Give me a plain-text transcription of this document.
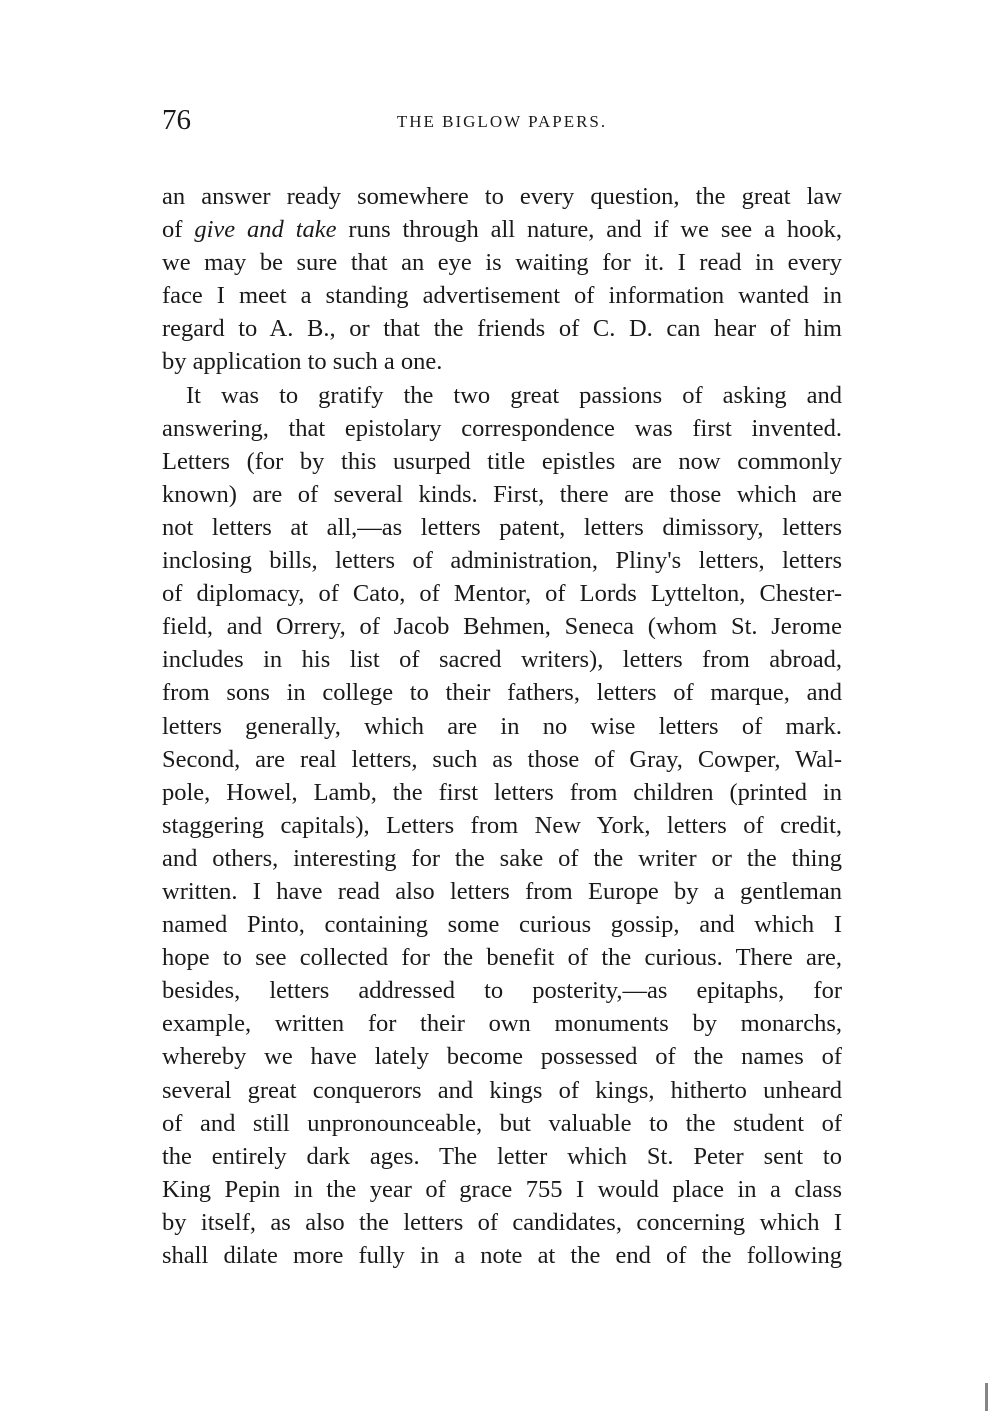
76	THE BIGLOW PAPERS.
an answer ready somewhere to every question, the great law
of give and take runs through all nature, and if we see a hook,
we may be sure that an eye is waiting for it. I read in every
face I meet a standing advertisement of information wanted in
regard to A. B., or that the friends of C. D. can hear of him
by application to such a one.
It was to gratify the two great passions of asking and
answering, that epistolary correspondence was first invented.
Letters (for by this usurped title epistles are now commonly
known) are of several kinds. First, there are those which are
not letters at all,—as letters patent, letters dimissory, letters
inclosing bills, letters of administration, Pliny's letters, letters
of diplomacy, of Cato, of Mentor, of Lords Lyttelton, Chester-
field, and Orrery, of Jacob Behmen, Seneca (whom St. Jerome
includes in his list of sacred writers), letters from abroad,
from sons in college to their fathers, letters of marque, and
letters generally, which are in no wise letters of mark.
Second, are real letters, such as those of Gray, Cowper, Wal-
pole, Howel, Lamb, the first letters from children (printed in
staggering capitals), Letters from New York, letters of credit,
and others, interesting for the sake of the writer or the thing
written. I have read also letters from Europe by a gentleman
named Pinto, containing some curious gossip, and which I
hope to see collected for the benefit of the curious. There are,
besides, letters addressed to posterity,—as epitaphs, for
example, written for their own monuments by monarchs,
whereby we have lately become possessed of the names of
several great conquerors and kings of kings, hitherto unheard
of and still unpronounceable, but valuable to the student of
the entirely dark ages. The letter which St. Peter sent to
King Pepin in the year of grace 755 I would place in a class
by itself, as also the letters of candidates, concerning which I
shall dilate more fully in a note at the end of the following
